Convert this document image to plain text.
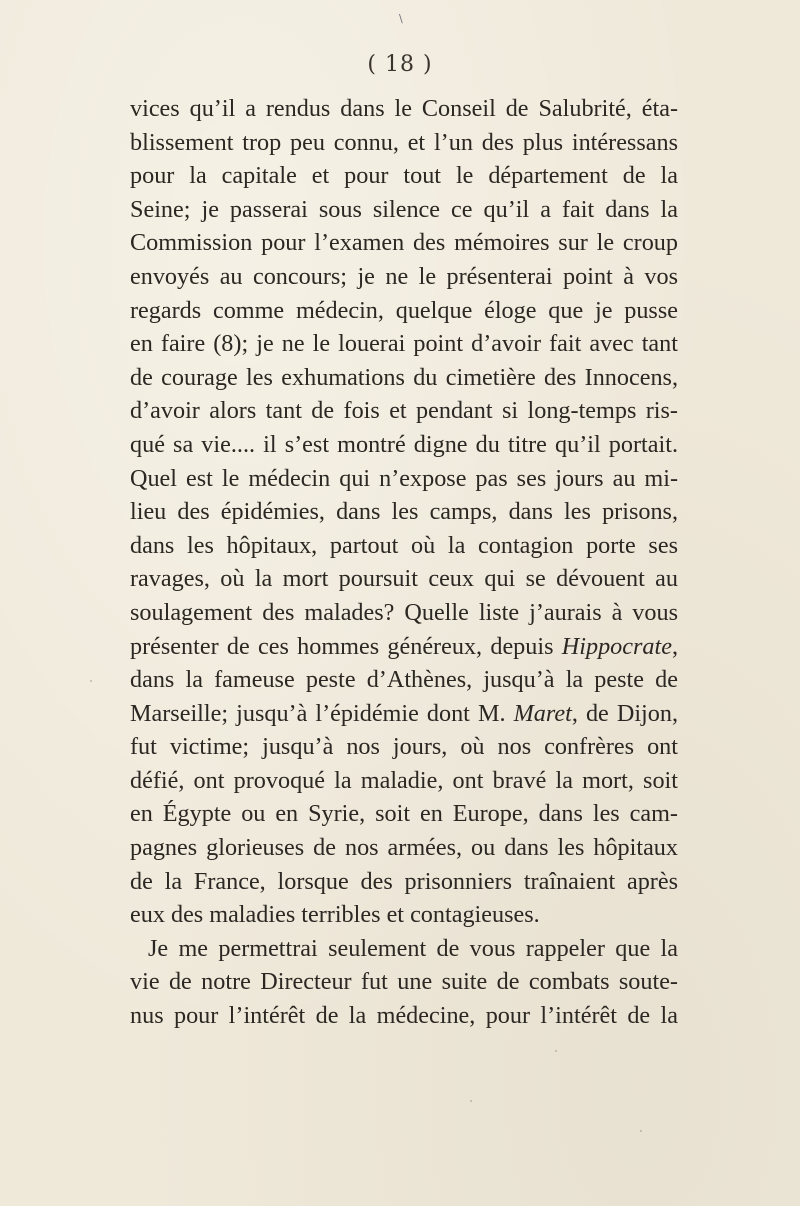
\
( 18 )
vices qu’il a rendus dans le Conseil de Salubrité, éta-
blissement trop peu connu, et l’un des plus intéressans
pour la capitale et pour tout le département de la
Seine; je passerai sous silence ce qu’il a fait dans la
Commission pour l’examen des mémoires sur le croup
envoyés au concours; je ne le présenterai point à vos
regards comme médecin, quelque éloge que je pusse
en faire (8); je ne le louerai point d’avoir fait avec tant
de courage les exhumations du cimetière des Innocens,
d’avoir alors tant de fois et pendant si long-temps ris-
qué sa vie.... il s’est montré digne du titre qu’il portait.
Quel est le médecin qui n’expose pas ses jours au mi-
lieu des épidémies, dans les camps, dans les prisons,
dans les hôpitaux, partout où la contagion porte ses
ravages, où la mort poursuit ceux qui se dévouent au
soulagement des malades? Quelle liste j’aurais à vous
présenter de ces hommes généreux, depuis Hippocrate,
dans la fameuse peste d’Athènes, jusqu’à la peste de
Marseille; jusqu’à l’épidémie dont M. Maret, de Dijon,
fut victime; jusqu’à nos jours, où nos confrères ont
défié, ont provoqué la maladie, ont bravé la mort, soit
en Égypte ou en Syrie, soit en Europe, dans les cam-
pagnes glorieuses de nos armées, ou dans les hôpitaux
de la France, lorsque des prisonniers traînaient après
eux des maladies terribles et contagieuses.
Je me permettrai seulement de vous rappeler que la
vie de notre Directeur fut une suite de combats soute-
nus pour l’intérêt de la médecine, pour l’intérêt de la
